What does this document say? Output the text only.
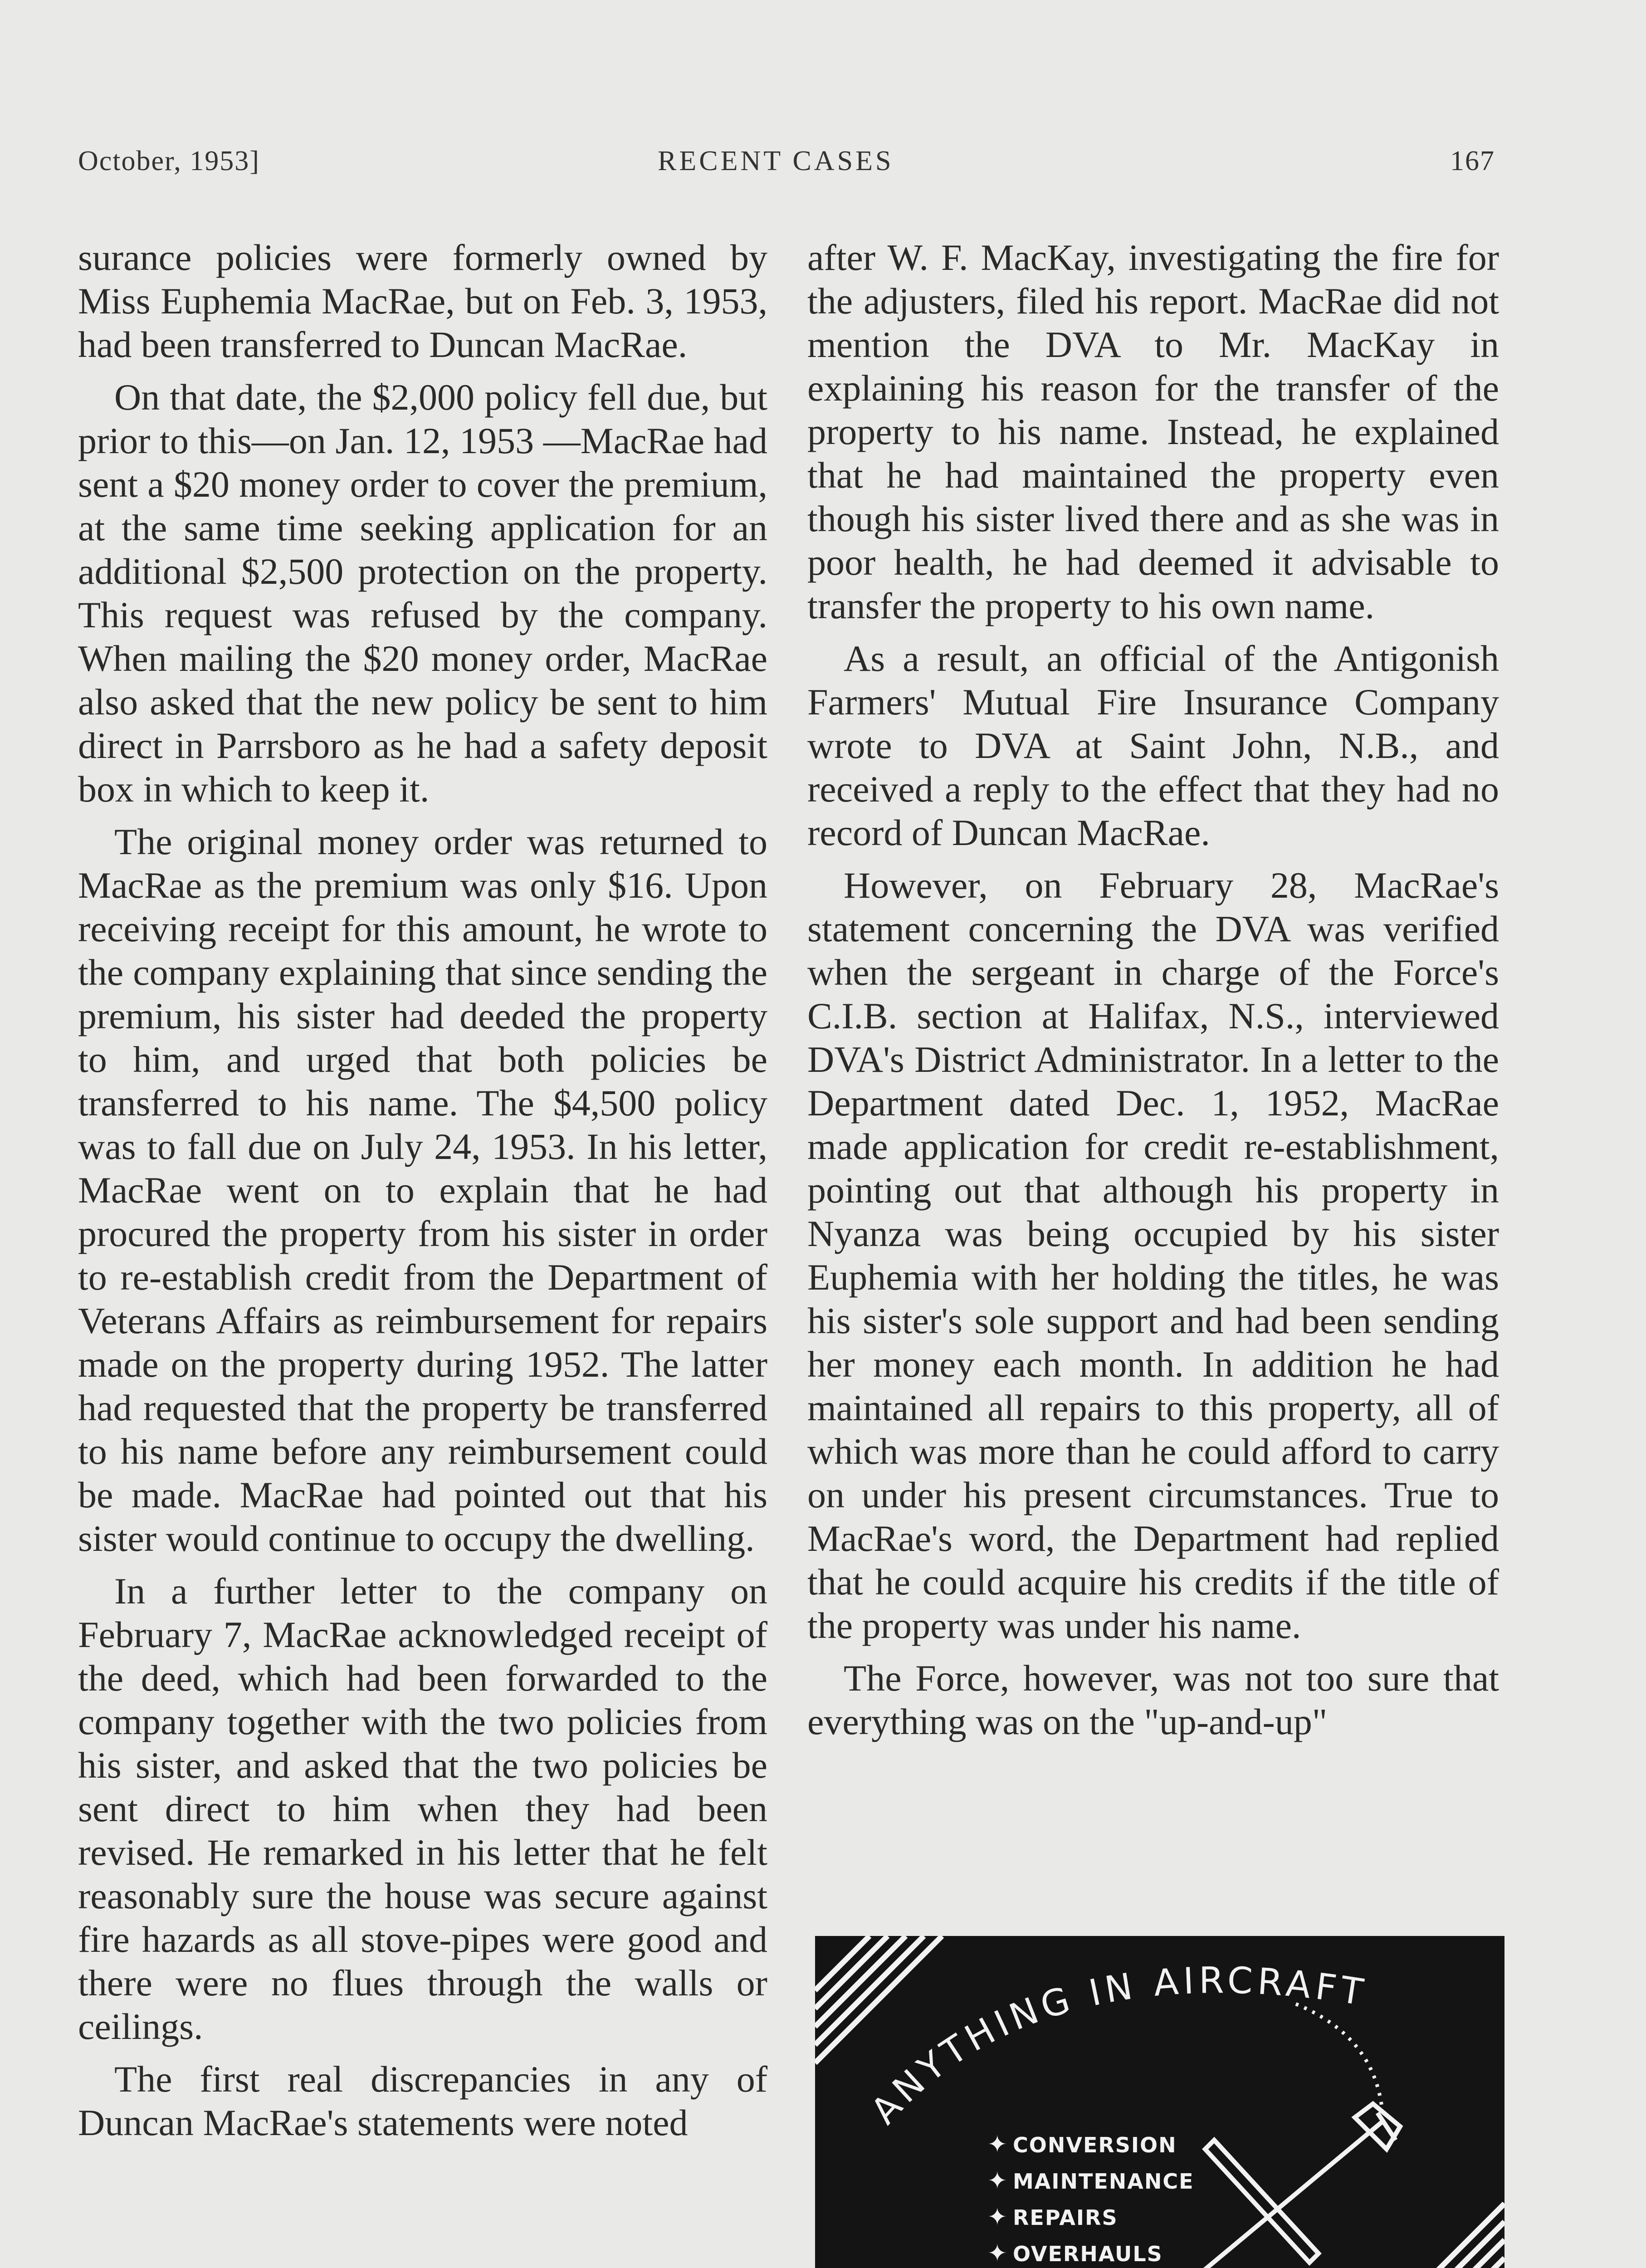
October, 1953]	RECENT CASES	167

surance policies were formerly owned by Miss Euphemia MacRae, but on Feb. 3, 1953, had been transferred to Duncan MacRae.

On that date, the $2,000 policy fell due, but prior to this—on Jan. 12, 1953 —MacRae had sent a $20 money order to cover the premium, at the same time seeking application for an additional $2,500 protection on the property. This request was refused by the company. When mailing the $20 money order, MacRae also asked that the new policy be sent to him direct in Parrsboro as he had a safety deposit box in which to keep it.

The original money order was returned to MacRae as the premium was only $16. Upon receiving receipt for this amount, he wrote to the company explaining that since sending the premium, his sister had deeded the property to him, and urged that both policies be transferred to his name. The $4,500 policy was to fall due on July 24, 1953. In his letter, MacRae went on to explain that he had procured the property from his sister in order to re-establish credit from the Department of Veterans Affairs as reimbursement for repairs made on the property during 1952. The latter had requested that the property be transferred to his name before any reimbursement could be made. MacRae had pointed out that his sister would continue to occupy the dwelling.

In a further letter to the company on February 7, MacRae acknowledged receipt of the deed, which had been forwarded to the company together with the two policies from his sister, and asked that the two policies be sent direct to him when they had been revised. He remarked in his letter that he felt reasonably sure the house was secure against fire hazards as all stove-pipes were good and there were no flues through the walls or ceilings.

The first real discrepancies in any of Duncan MacRae's statements were noted

after W. F. MacKay, investigating the fire for the adjusters, filed his report. MacRae did not mention the DVA to Mr. MacKay in explaining his reason for the transfer of the property to his name. Instead, he explained that he had maintained the property even though his sister lived there and as she was in poor health, he had deemed it advisable to transfer the property to his own name.

As a result, an official of the Antigonish Farmers' Mutual Fire Insurance Company wrote to DVA at Saint John, N.B., and received a reply to the effect that they had no record of Duncan MacRae.

However, on February 28, MacRae's statement concerning the DVA was verified when the sergeant in charge of the Force's C.I.B. section at Halifax, N.S., interviewed DVA's District Administrator. In a letter to the Department dated Dec. 1, 1952, MacRae made application for credit re-establishment, pointing out that although his property in Nyanza was being occupied by his sister Euphemia with her holding the titles, he was his sister's sole support and had been sending her money each month. In addition he had maintained all repairs to this property, all of which was more than he could afford to carry on under his present circumstances. True to MacRae's word, the Department had replied that he could acquire his credits if the title of the property was under his name.

The Force, however, was not too sure that everything was on the "up-and-up"

ANYTHING IN AIRCRAFT
✦ CONVERSION
✦ MAINTENANCE
✦ REPAIRS
✦ OVERHAULS
